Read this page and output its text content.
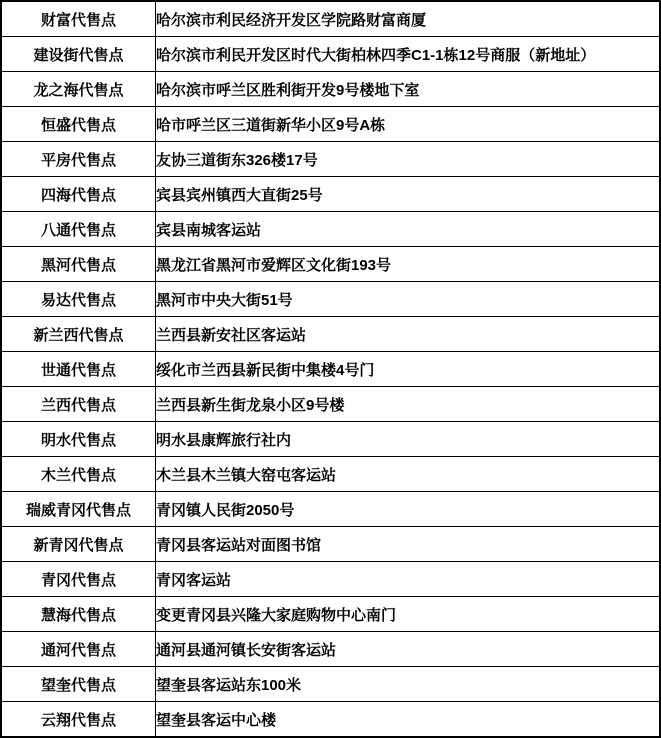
财富代售点	哈尔滨市利民经济开发区学院路财富商厦
建设街代售点	哈尔滨市利民开发区时代大街柏林四季C1-1栋12号商服（新地址）
龙之海代售点	哈尔滨市呼兰区胜利街开发9号楼地下室
恒盛代售点	哈市呼兰区三道街新华小区9号A栋
平房代售点	友协三道街东326楼17号
四海代售点	宾县宾州镇西大直街25号
八通代售点	宾县南城客运站
黑河代售点	黑龙江省黑河市爱辉区文化街193号
易达代售点	黑河市中央大街51号
新兰西代售点	兰西县新安社区客运站
世通代售点	绥化市兰西县新民街中集楼4号门
兰西代售点	兰西县新生街龙泉小区9号楼
明水代售点	明水县康辉旅行社内
木兰代售点	木兰县木兰镇大窑屯客运站
瑞威青冈代售点	青冈镇人民街2050号
新青冈代售点	青冈县客运站对面图书馆
青冈代售点	青冈客运站
慧海代售点	变更青冈县兴隆大家庭购物中心南门
通河代售点	通河县通河镇长安街客运站
望奎代售点	望奎县客运站东100米
云翔代售点	望奎县客运中心楼
